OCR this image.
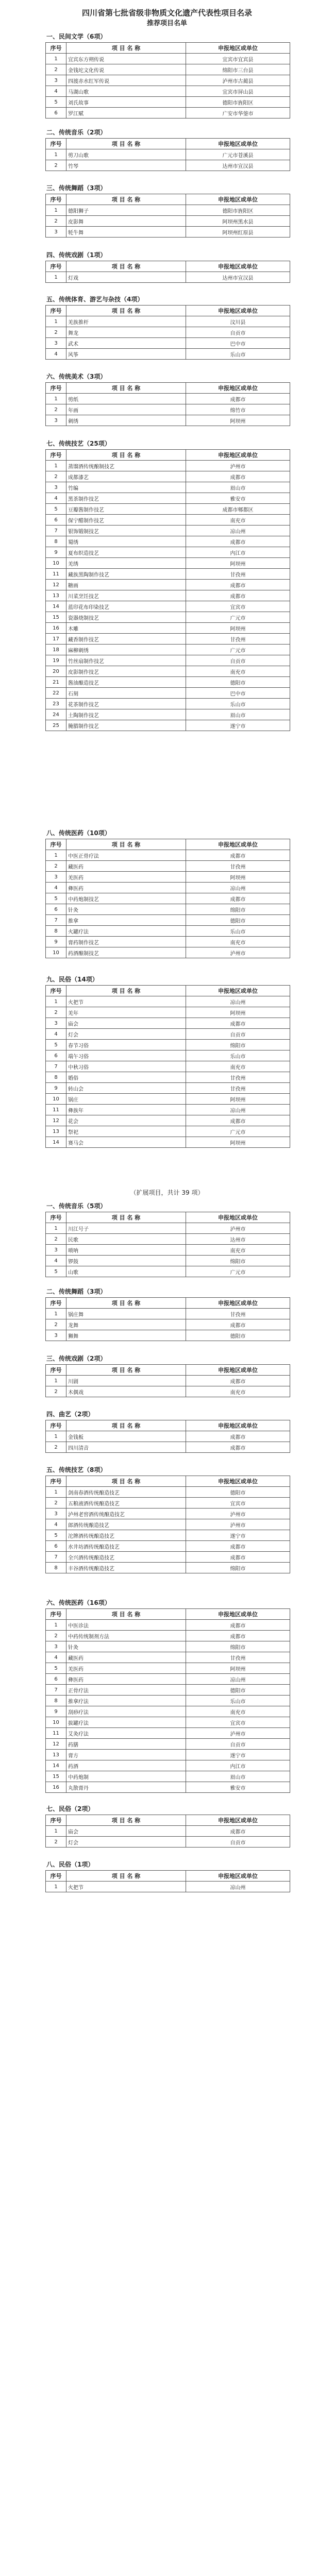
四川省第七批省级非物质文化遗产代表性项目名录
推荐项目名单
一、民间文学（6项）
序号	项 目 名 称	申报地区或单位
1	宜宾东方朔传说	宜宾市宜宾县
2	金钱坨文化传说	绵阳市三台县
3	四渡赤水红军传说	泸州市古蔺县
4	马湖山歌	宜宾市屏山县
5	刘氏故事	德阳市旌阳区
6	罗江赋	广安市华蓥市
二、传统音乐（2项）
序号	项 目 名 称	申报地区或单位
1	剪刀山歌	广元市苍溪县
2	竹琴	达州市宣汉县
三、传统舞蹈（3项）
序号	项 目 名 称	申报地区或单位
1	德阳狮子	德阳市旌阳区
2	皮影舞	阿坝州黑水县
3	牦牛舞	阿坝州红原县
四、传统戏剧（1项）
序号	项 目 名 称	申报地区或单位
1	灯戏	达州市宣汉县
五、传统体育、游艺与杂技（4项）
序号	项 目 名 称	申报地区或单位
1	羌族推杆	汶川县
2	舞龙	自贡市
3	武术	巴中市
4	风筝	乐山市
六、传统美术（3项）
序号	项 目 名 称	申报地区或单位
1	剪纸	成都市
2	年画	绵竹市
3	刺绣	阿坝州
七、传统技艺（25项）
序号	项 目 名 称	申报地区或单位
1	蒸馏酒传统酿制技艺	泸州市
2	成都漆艺	成都市
3	竹编	眉山市
4	黑茶制作技艺	雅安市
5	豆瓣酱制作技艺	成都市郫都区
6	保宁醋制作技艺	南充市
7	银饰锻制技艺	凉山州
8	蜀绣	成都市
9	夏布织造技艺	内江市
10	羌绣	阿坝州
11	藏族黑陶制作技艺	甘孜州
12	糖画	成都市
13	川菜烹饪技艺	成都市
14	蓝印花布印染技艺	宜宾市
15	瓷器烧制技艺	广元市
16	木雕	阿坝州
17	藏香制作技艺	甘孜州
18	麻柳刺绣	广元市
19	竹丝扇制作技艺	自贡市
20	皮影制作技艺	南充市
21	酱油酿造技艺	德阳市
22	石刻	巴中市
23	花茶制作技艺	乐山市
24	土陶制作技艺	眉山市
25	腌腊制作技艺	遂宁市
八、传统医药（10项）
序号	项 目 名 称	申报地区或单位
1	中医正骨疗法	成都市
2	藏医药	甘孜州
3	羌医药	阿坝州
4	彝医药	凉山州
5	中药炮制技艺	成都市
6	针灸	绵阳市
7	推拿	德阳市
8	火罐疗法	乐山市
9	膏药制作技艺	南充市
10	药酒酿制技艺	泸州市
九、民俗（14项）
序号	项 目 名 称	申报地区或单位
1	火把节	凉山州
2	羌年	阿坝州
3	庙会	成都市
4	灯会	自贡市
5	春节习俗	绵阳市
6	端午习俗	乐山市
7	中秋习俗	南充市
8	婚俗	甘孜州
9	转山会	甘孜州
10	锅庄	阿坝州
11	彝族年	凉山州
12	花会	成都市
13	祭祀	广元市
14	赛马会	阿坝州
（扩展项目，共计 39 项）
一、传统音乐（5项）
序号	项 目 名 称	申报地区或单位
1	川江号子	泸州市
2	民歌	达州市
3	唢呐	南充市
4	锣鼓	绵阳市
5	山歌	广元市
二、传统舞蹈（3项）
序号	项 目 名 称	申报地区或单位
1	锅庄舞	甘孜州
2	龙舞	成都市
3	狮舞	德阳市
三、传统戏剧（2项）
序号	项 目 名 称	申报地区或单位
1	川剧	成都市
2	木偶戏	南充市
四、曲艺（2项）
序号	项 目 名 称	申报地区或单位
1	金钱板	成都市
2	四川清音	成都市
五、传统技艺（8项）
序号	项 目 名 称	申报地区或单位
1	剑南春酒传统酿造技艺	德阳市
2	五粮液酒传统酿造技艺	宜宾市
3	泸州老窖酒传统酿造技艺	泸州市
4	郎酒传统酿造技艺	泸州市
5	沱牌酒传统酿造技艺	遂宁市
6	水井坊酒传统酿造技艺	成都市
7	全兴酒传统酿造技艺	成都市
8	丰谷酒传统酿造技艺	绵阳市
六、传统医药（16项）
序号	项 目 名 称	申报地区或单位
1	中医诊法	成都市
2	中药传统制剂方法	成都市
3	针灸	绵阳市
4	藏医药	甘孜州
5	羌医药	阿坝州
6	彝医药	凉山州
7	正骨疗法	德阳市
8	推拿疗法	乐山市
9	刮痧疗法	南充市
10	拔罐疗法	宜宾市
11	艾灸疗法	泸州市
12	药膳	自贡市
13	膏方	遂宁市
14	药酒	内江市
15	中药炮制	眉山市
16	丸散膏丹	雅安市
七、民俗（2项）
序号	项 目 名 称	申报地区或单位
1	庙会	成都市
2	灯会	自贡市
八、民俗（1项）
序号	项 目 名 称	申报地区或单位
1	火把节	凉山州
